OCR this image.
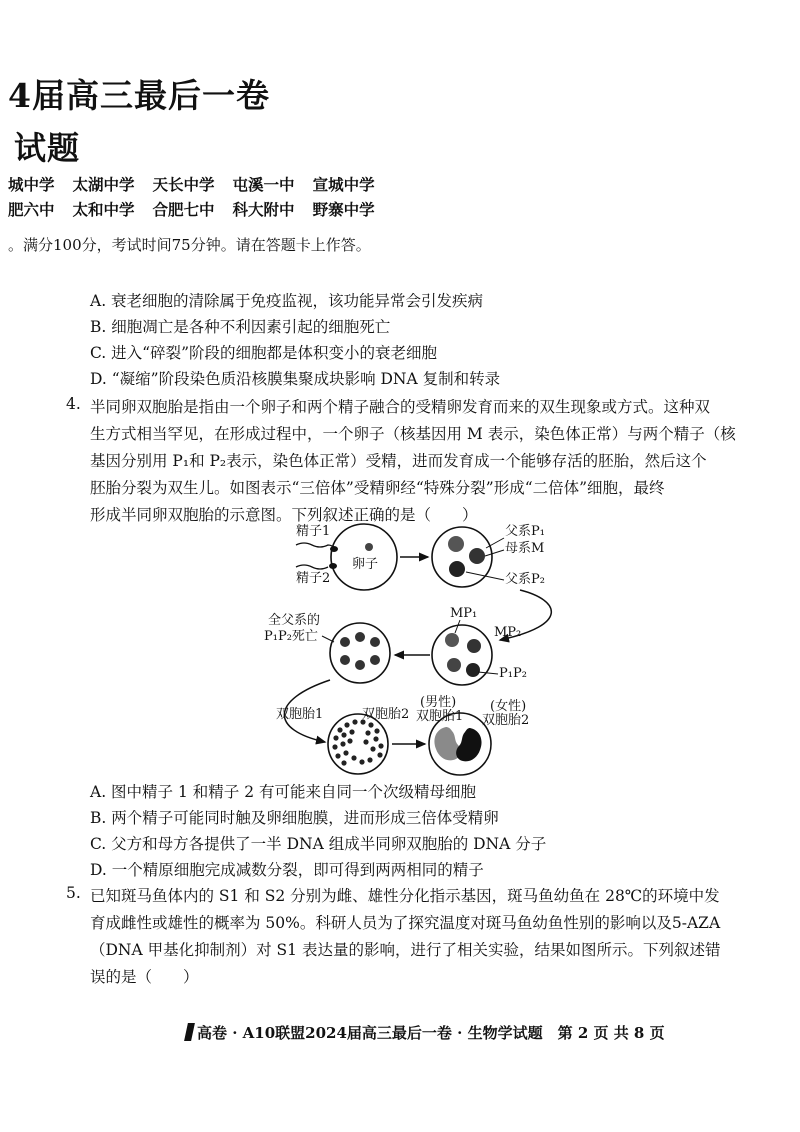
4届高三最后一卷
试题
城中学 太湖中学 天长中学 屯溪一中 宣城中学
肥六中 太和中学 合肥七中 科大附中 野寨中学
。满分100分，考试时间75分钟。请在答题卡上作答。
A. 衰老细胞的清除属于免疫监视，该功能异常会引发疾病
B. 细胞凋亡是各种不利因素引起的细胞死亡
C. 进入“碎裂”阶段的细胞都是体积变小的衰老细胞
D. “凝缩”阶段染色质沿核膜集聚成块影响 DNA 复制和转录
4. 半同卵双胞胎是指由一个卵子和两个精子融合的受精卵发育而来的双生现象或方式。这种双
生方式相当罕见，在形成过程中，一个卵子（核基因用 M 表示，染色体正常）与两个精子（核
基因分别用 P₁和 P₂表示，染色体正常）受精，进而发育成一个能够存活的胚胎，然后这个
胚胎分裂为双生儿。如图表示“三倍体”受精卵经“特殊分裂”形成“二倍体”细胞，最终
形成半同卵双胞胎的示意图。下列叙述正确的是（　　）
卵子
精子1
精子2
父系P₁
母系M
父系P₂
MP₁
MP₂
P₁P₂
全父系的
P₁P₂死亡
双胞胎1	双胞胎2
(男性)
双胞胎1
(女性)
双胞胎2
A. 图中精子 1 和精子 2 有可能来自同一个次级精母细胞
B. 两个精子可能同时触及卵细胞膜，进而形成三倍体受精卵
C. 父方和母方各提供了一半 DNA 组成半同卵双胞胎的 DNA 分子
D. 一个精原细胞完成减数分裂，即可得到两两相同的精子
5. 已知斑马鱼体内的 S1 和 S2 分别为雌、雄性分化指示基因，斑马鱼幼鱼在 28℃的环境中发
育成雌性或雄性的概率为 50%。科研人员为了探究温度对斑马鱼幼鱼性别的影响以及5-AZA
（DNA 甲基化抑制剂）对 S1 表达量的影响，进行了相关实验，结果如图所示。下列叙述错
误的是（　　）
高卷 · A10联盟2024届高三最后一卷 · 生物学试题　第 2 页 共 8 页
